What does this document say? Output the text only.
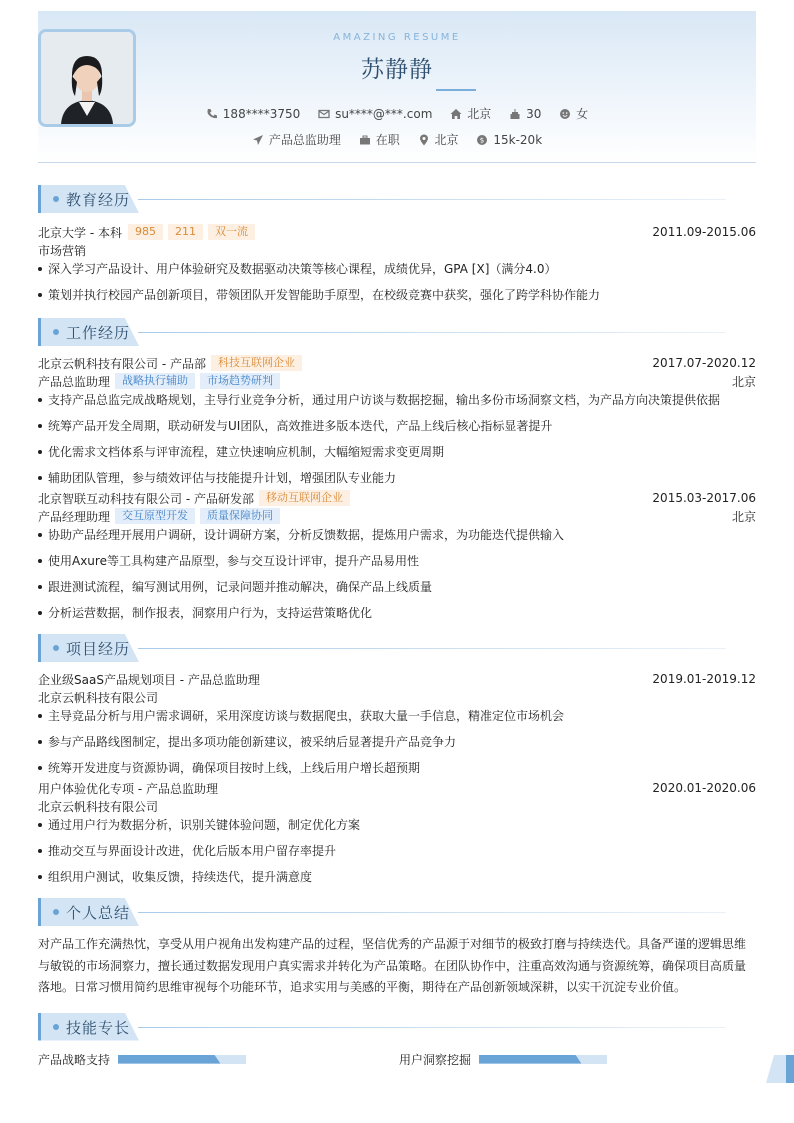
AMAZING RESUME
苏静静
188****3750	su****@***.com	北京	30	女
产品总监助理	在职	北京	$ 15k-20k
教育经历
北京大学 - 本科	985	211	双一流	2011.09-2015.06
市场营销
深入学习产品设计、用户体验研究及数据驱动决策等核心课程，成绩优异，GPA [X]（满分4.0）
策划并执行校园产品创新项目，带领团队开发智能助手原型，在校级竞赛中获奖，强化了跨学科协作能力
工作经历
北京云帆科技有限公司 - 产品部	科技互联网企业	2017.07-2020.12
产品总监助理	战略执行辅助	市场趋势研判	北京
支持产品总监完成战略规划，主导行业竞争分析，通过用户访谈与数据挖掘，输出多份市场洞察文档，为产品方向决策提供依据
统筹产品开发全周期，联动研发与UI团队，高效推进多版本迭代，产品上线后核心指标显著提升
优化需求文档体系与评审流程，建立快速响应机制，大幅缩短需求变更周期
辅助团队管理，参与绩效评估与技能提升计划，增强团队专业能力
北京智联互动科技有限公司 - 产品研发部	移动互联网企业	2015.03-2017.06
产品经理助理	交互原型开发	质量保障协同	北京
协助产品经理开展用户调研，设计调研方案，分析反馈数据，提炼用户需求，为功能迭代提供输入
使用Axure等工具构建产品原型，参与交互设计评审，提升产品易用性
跟进测试流程，编写测试用例，记录问题并推动解决，确保产品上线质量
分析运营数据，制作报表，洞察用户行为，支持运营策略优化
项目经历
企业级SaaS产品规划项目 - 产品总监助理	2019.01-2019.12
北京云帆科技有限公司
主导竞品分析与用户需求调研，采用深度访谈与数据爬虫，获取大量一手信息，精准定位市场机会
参与产品路线图制定，提出多项功能创新建议，被采纳后显著提升产品竞争力
统筹开发进度与资源协调，确保项目按时上线，上线后用户增长超预期
用户体验优化专项 - 产品总监助理	2020.01-2020.06
北京云帆科技有限公司
通过用户行为数据分析，识别关键体验问题，制定优化方案
推动交互与界面设计改进，优化后版本用户留存率提升
组织用户测试，收集反馈，持续迭代，提升满意度
个人总结
对产品工作充满热忱，享受从用户视角出发构建产品的过程，坚信优秀的产品源于对细节的极致打磨与持续迭代。具备严谨的逻辑思维与敏锐的市场洞察力，擅长通过数据发现用户真实需求并转化为产品策略。在团队协作中，注重高效沟通与资源统筹，确保项目高质量落地。日常习惯用简约思维审视每个功能环节，追求实用与美感的平衡，期待在产品创新领域深耕，以实干沉淀专业价值。
技能专长
产品战略支持	用户洞察挖掘
